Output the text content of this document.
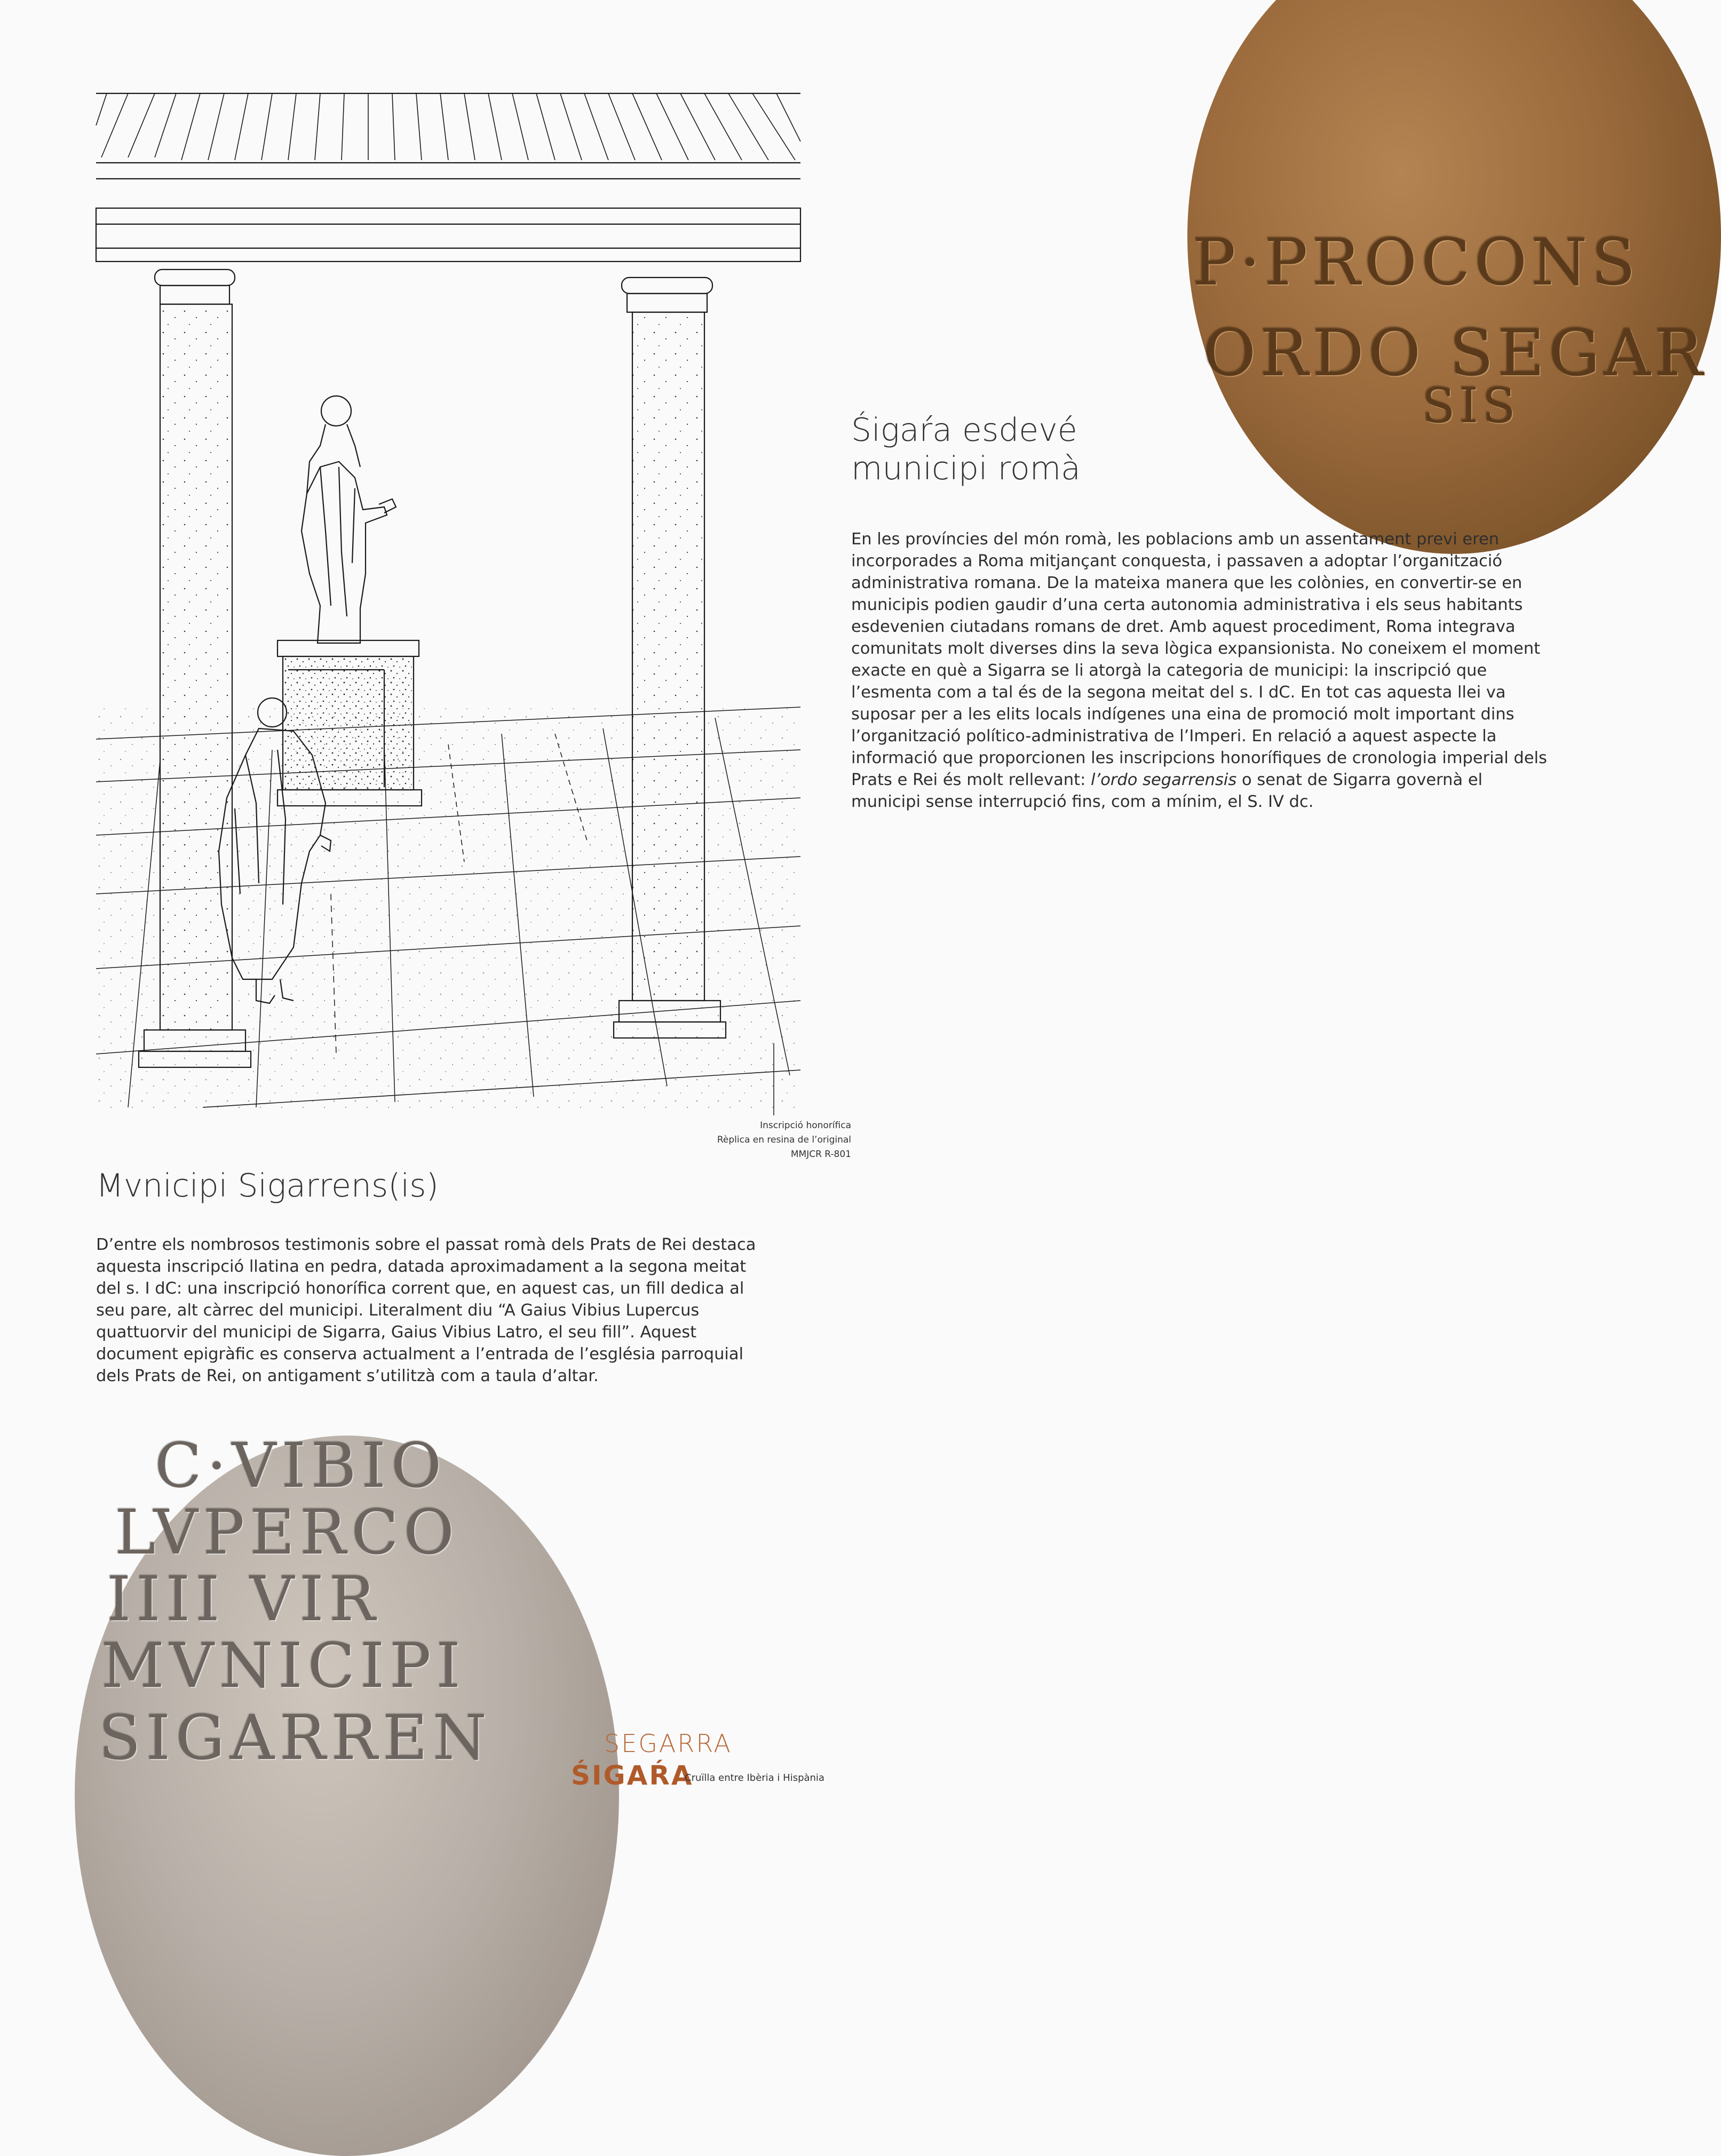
P·PROCONS
ORDO SEGAR
SIS
Śigaŕa esdevé
municipi romà

En les províncies del món romà, les poblacions amb un assentament previ eren incorporades a Roma mitjançant conquesta, i passaven a adoptar l’organització administrativa romana. De la mateixa manera que les colònies, en convertir-se en municipis podien gaudir d’una certa autonomia administrativa i els seus habitants esdevenien ciutadans romans de dret. Amb aquest procediment, Roma integrava comunitats molt diverses dins la seva lògica expansionista. No coneixem el moment exacte en què a Sigarra se li atorgà la categoria de municipi: la inscripció que l’esmenta com a tal és de la segona meitat del s. I dC. En tot cas aquesta llei va suposar per a les elits locals indígenes una eina de promoció molt important dins l’organització político-administrativa de l’Imperi. En relació a aquest aspecte la informació que proporcionen les inscripcions honorífiques de cronologia imperial dels Prats e Rei és molt rellevant: l’ordo segarrensis o senat de Sigarra governà el municipi sense interrupció fins, com a mínim, el S. IV dc.

Inscripció honorífica
Rèplica en resina de l’original
MMJCR R-801
Mvnicipi Sigarrens(is)

D’entre els nombrosos testimonis sobre el passat romà dels Prats de Rei destaca aquesta inscripció llatina en pedra, datada aproximadament a la segona meitat del s. I dC: una inscripció honorífica corrent que, en aquest cas, un fill dedica al seu pare, alt càrrec del municipi. Literalment diu “A Gaius Vibius Lupercus quattuorvir del municipi de Sigarra, Gaius Vibius Latro, el seu fill”. Aquest document epigràfic es conserva actualment a l’entrada de l’església parroquial dels Prats de Rei, on antigament s’utilitzà com a taula d’altar.

C·VIBIO
LVPERCO
IIII VIR
MVNICIPI
SIGARREN	SEGARRA
ŚIGAŔA
Cruïlla entre Ibèria i Hispània
